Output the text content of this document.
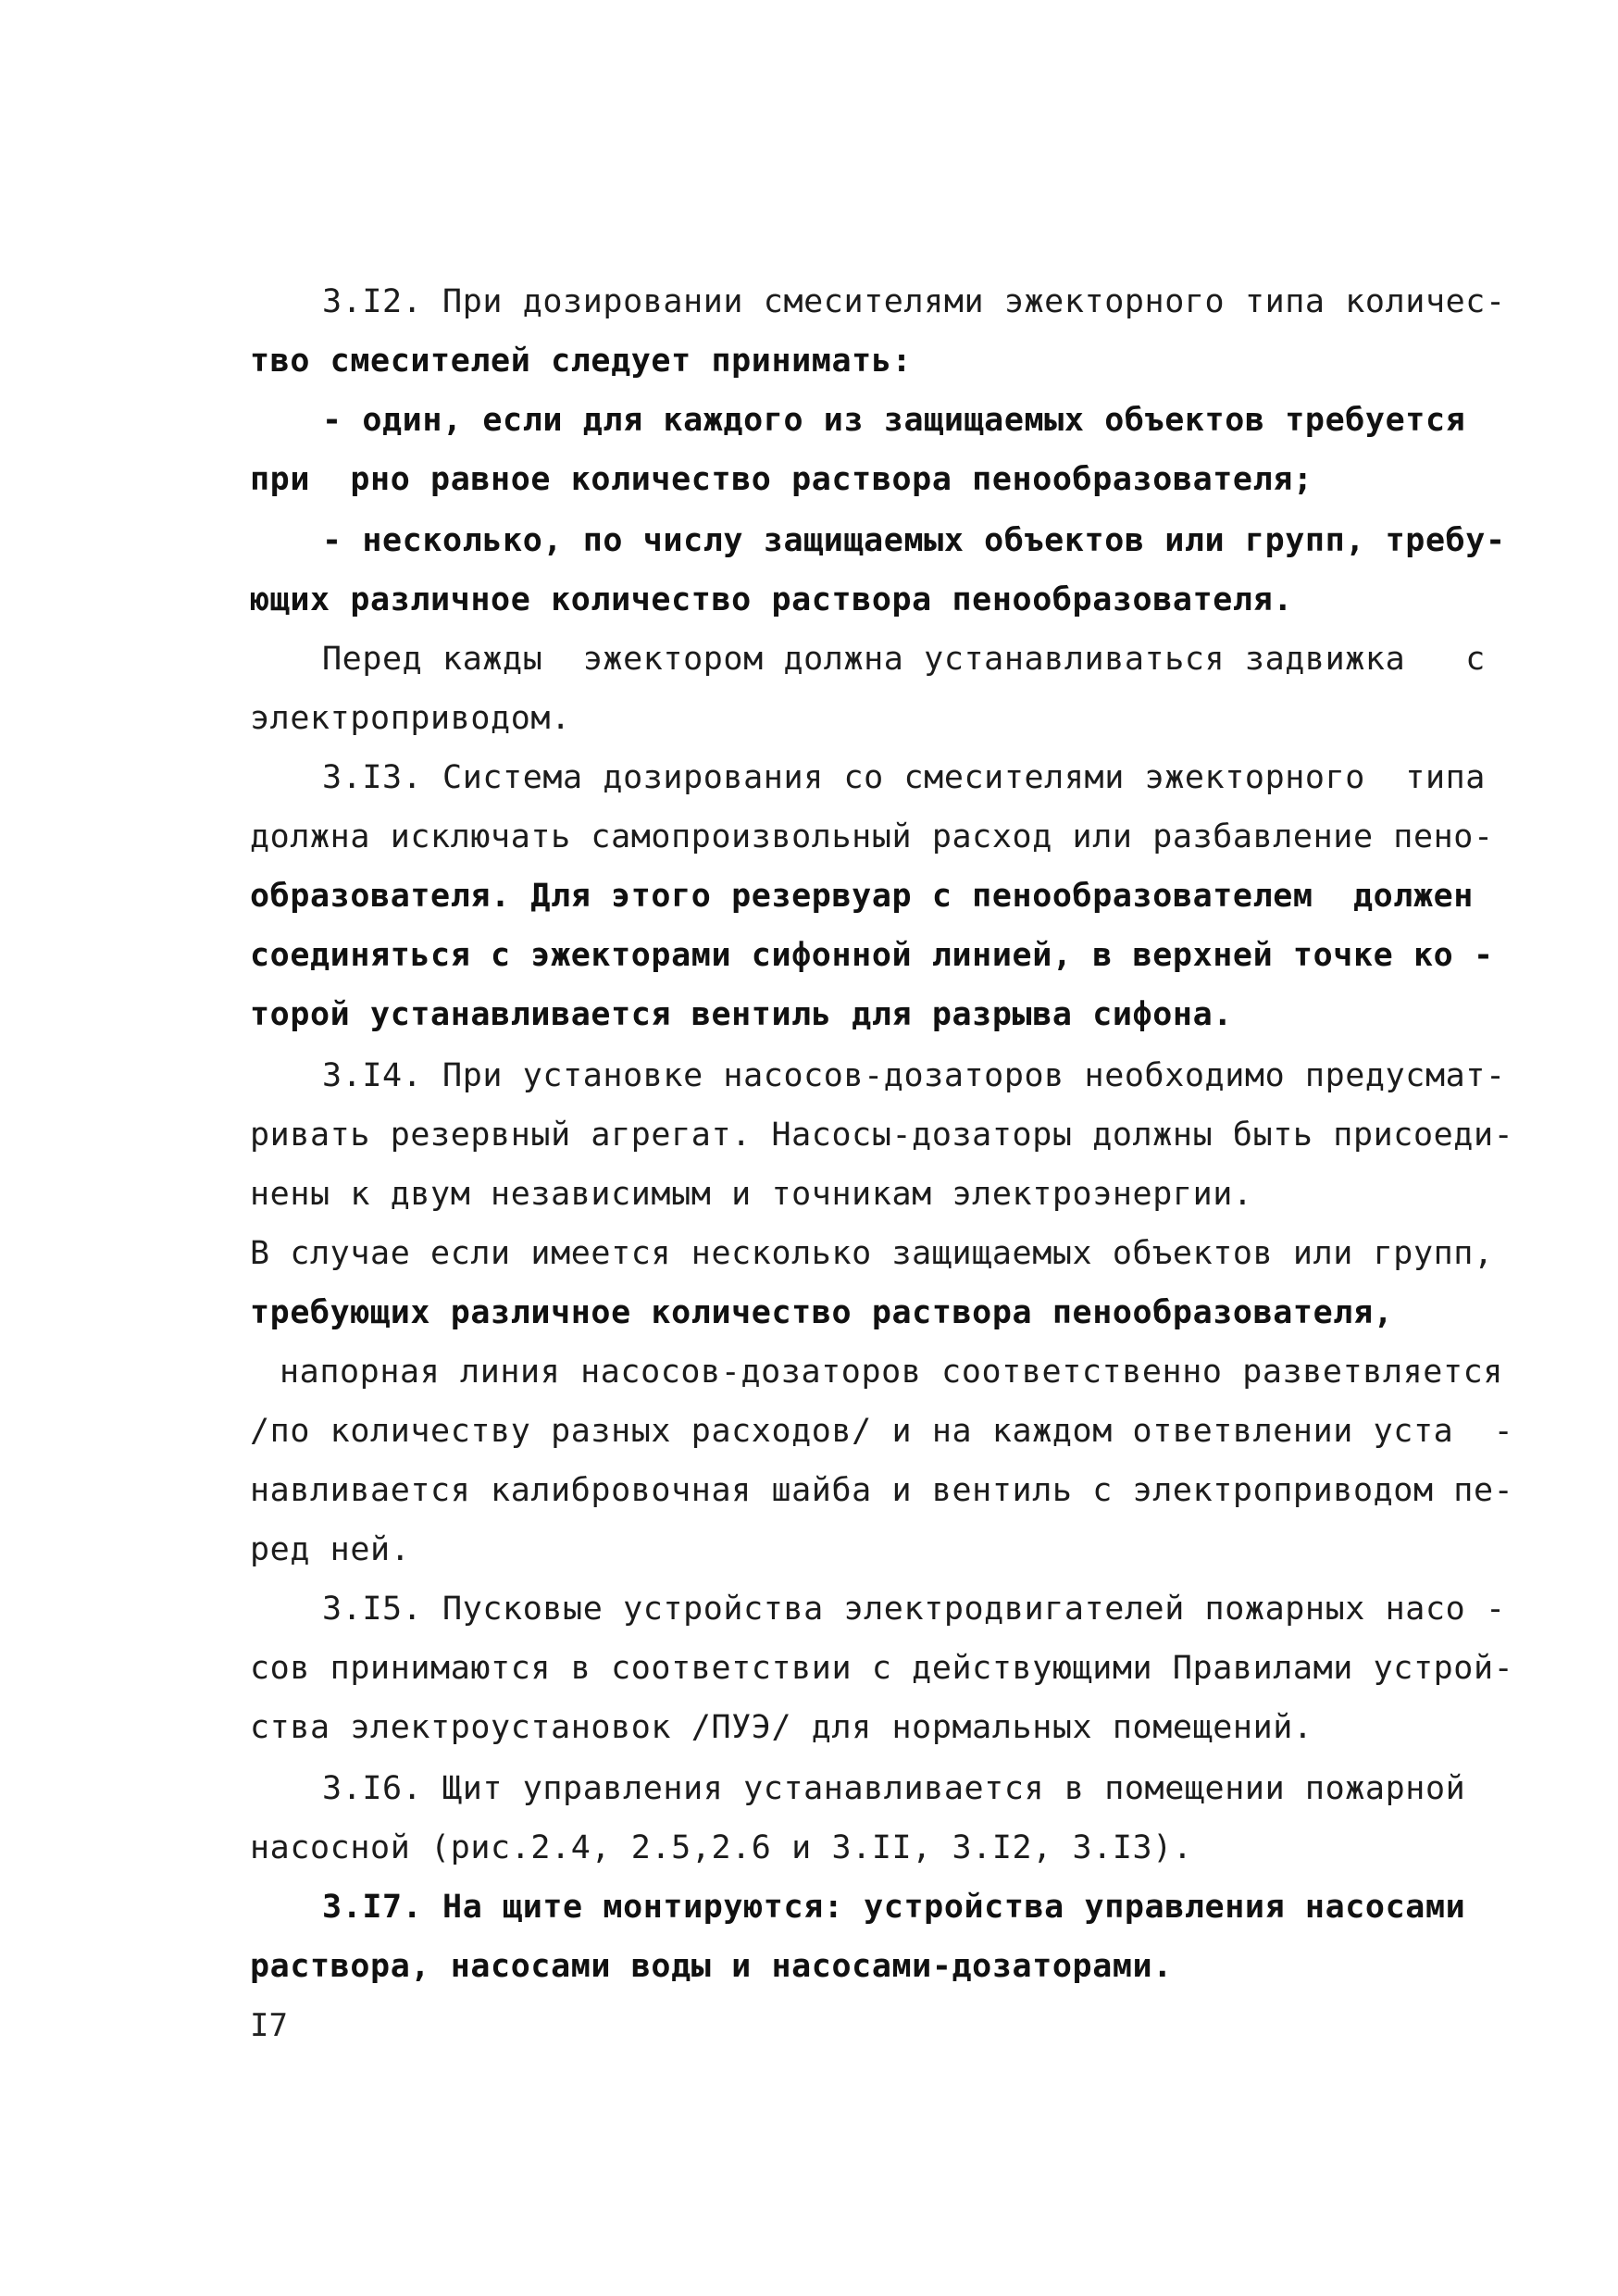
3.I2. При дозировании смесителями эжекторного типа количес-
тво смесителей следует принимать:
- один, если для каждого из защищаемых объектов требуется
при  рно равное количество раствора пенообразователя;
- несколько, по числу защищаемых объектов или групп, требу-
ющих различное количество раствора пенообразователя.
Перед кажды  эжектором должна устанавливаться задвижка   с
электроприводом.
3.I3. Система дозирования со смесителями эжекторного  типа
должна исключать самопроизвольный расход или разбавление пено-
образователя. Для этого резервуар с пенообразователем  должен
соединяться с эжекторами сифонной линией, в верхней точке ко -
торой устанавливается вентиль для разрыва сифона.
3.I4. При установке насосов-дозаторов необходимо предусмат-
ривать резервный агрегат. Насосы-дозаторы должны быть присоеди-
нены к двум независимым и точникам электроэнергии.
В случае если имеется несколько защищаемых объектов или групп,
требующих различное количество раствора пенообразователя,
напорная линия насосов-дозаторов соответственно разветвляется
/по количеству разных расходов/ и на каждом ответвлении уста  -
навливается калибровочная шайба и вентиль с электроприводом пе-
ред ней.
3.I5. Пусковые устройства электродвигателей пожарных насо -
сов принимаются в соответствии с действующими Правилами устрой-
ства электроустановок /ПУЭ/ для нормальных помещений.
3.I6. Щит управления устанавливается в помещении пожарной
насосной (рис.2.4, 2.5,2.6 и 3.II, 3.I2, 3.I3).
3.I7. На щите монтируются: устройства управления насосами
раствора, насосами воды и насосами-дозаторами.
I7
